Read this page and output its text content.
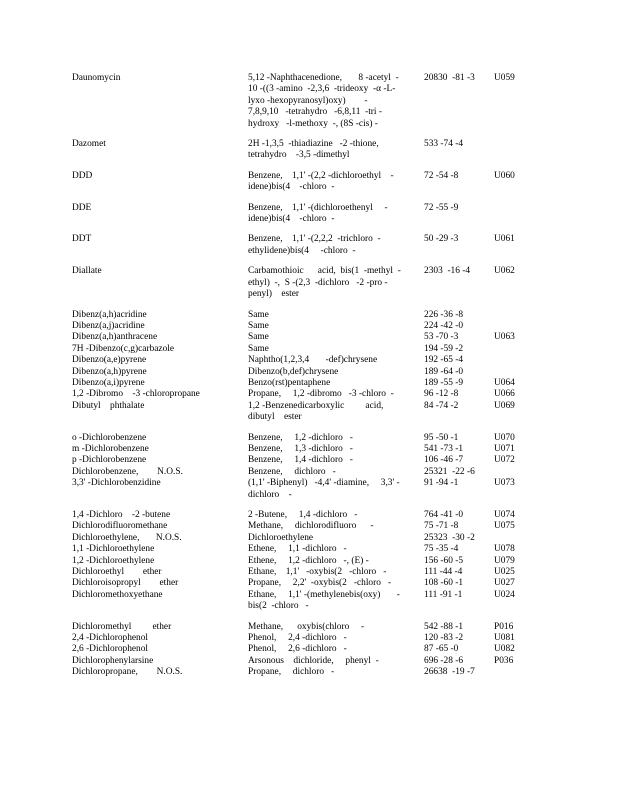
Daunomycin	5,12 -Naphthacenedione,       8 -acetyl  -
10 -((3 -amino  -2,3,6  -trideoxy  -α -L-
lyxo -hexopyranosyl)oxy)        -
7,8,9,10   -tetrahydro   -6,8,11  -tri -
hydroxy   -l-methoxy  -, (8S -cis) -	20830  -81 -3	U059
Dazomet	2H -1,3,5  -thiadiazine   -2 -thione,
tetrahydro    -3,5 -dimethyl	533 -74 -4	
DDD	Benzene,    1,1' -(2,2 -dichloroethyl    -
idene)bis(4    -chloro  -	72 -54 -8	U060
DDE	Benzene,    1,1' -(dichloroethenyl     -
idene)bis(4    -chloro  -	72 -55 -9	
DDT	Benzene,    1,1' -(2,2,2  -trichloro  -
ethylidene)bis(4     -chloro  -	50 -29 -3	U061
Diallate	Carbamothioic      acid,  bis(1  -methyl  -
ethyl)  -,  S -(2,3  -dichloro   -2 -pro -
penyl)    ester	2303  -16 -4	U062
Dibenz(a,h)acridine	Same	226 -36 -8	
Dibenz(a,j)acridine	Same	224 -42 -0	
Dibenz(a,h)anthracene	Same	53 -70 -3	U063
7H -Dibenzo(c,g)carbazole	Same	194 -59 -2	
Dibenzo(a,e)pyrene	Naphtho(1,2,3,4       -def)chrysene	192 -65 -4	
Dibenzo(a,h)pyrene	Dibenzo(b,def)chrysene	189 -64 -0	
Dibenzo(a,i)pyrene	Benzo(rst)pentaphene	189 -55 -9	U064
1,2 -Dibromo    -3 -chloropropane	Propane,     1,2 -dibromo   -3 -chloro  -	96 -12 -8	U066
Dibutyl    phthalate	1,2 -Benzenedicarboxylic         acid,
dibutyl    ester	84 -74 -2	U069
o -Dichlorobenzene	Benzene,     1,2 -dichloro   -	95 -50 -1	U070
m -Dichlorobenzene	Benzene,     1,3 -dichloro   -	541 -73 -1	U071
p -Dichlorobenzene	Benzene,     1,4 -dichloro   -	106 -46 -7	U072
Dichlorobenzene,        N.O.S.	Benzene,     dichloro   -	25321  -22 -6	
3,3' -Dichlorobenzidine	(1,1' -Biphenyl)   -4,4' -diamine,     3,3' -
dichloro    -	91 -94 -1	U073
1,4 -Dichloro    -2 -butene	2 -Butene,     1,4 -dichloro   -	764 -41 -0	U074
Dichlorodifluoromethane	Methane,     dichlorodifluoro      -	75 -71 -8	U075
Dichloroethylene,       N.O.S.	Dichloroethylene	25323  -30 -2	
1,1 -Dichloroethylene	Ethene,     1,1 -dichloro   -	75 -35 -4	U078
1,2 -Dichloroethylene	Ethene,     1,2 -dichloro   -, (E) -	156 -60 -5	U079
Dichloroethyl        ether	Ethane,    1,1'   -oxybis(2   -chloro   -	111 -44 -4	U025
Dichloroisopropyl        ether	Propane,     2,2'  -oxybis(2   -chloro   -	108 -60 -1	U027
Dichloromethoxyethane	Ethane,     1,1' -(methylenebis(oxy)       -
bis(2  -chloro   -	111 -91 -1	U024
Dichloromethyl         ether	Methane,      oxybis(chloro     -	542 -88 -1	P016
2,4 -Dichlorophenol	Phenol,     2,4 -dichloro   -	120 -83 -2	U081
2,6 -Dichlorophenol	Phenol,     2,6 -dichloro   -	87 -65 -0	U082
Dichlorophenylarsine	Arsonous    dichloride,     phenyl  -	696 -28 -6	P036
Dichloropropane,        N.O.S.	Propane,     dichloro   -	26638  -19 -7	
